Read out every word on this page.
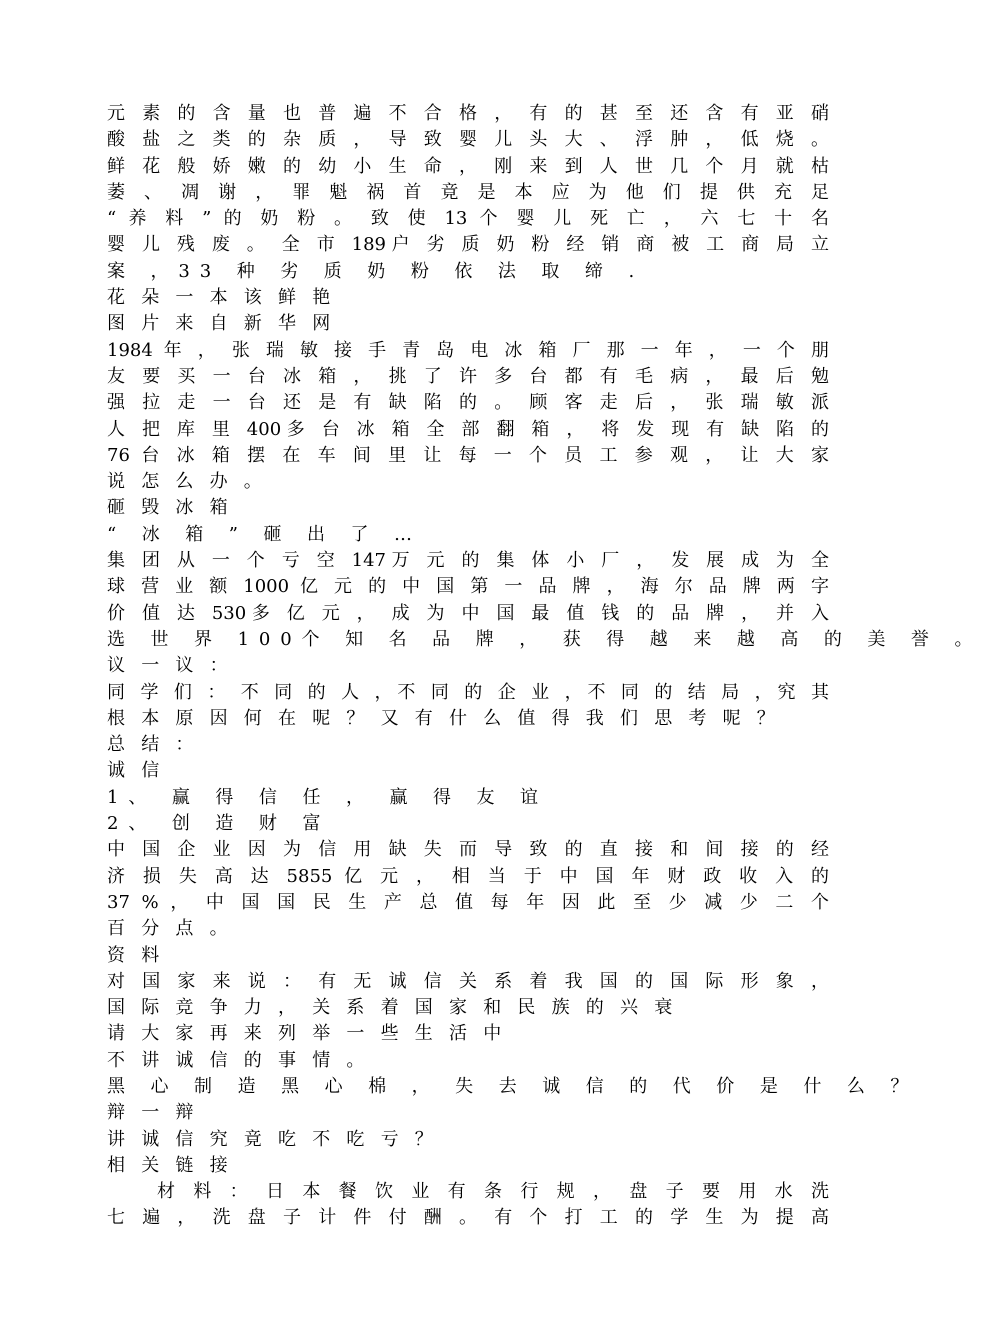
元 素 的 含 量 也 普 遍 不 合 格 ， 有 的 甚 至 还 含 有 亚 硝
酸 盐 之 类 的 杂 质 ， 导 致 婴 儿 头 大 、 浮 肿 ， 低 烧 。
鲜 花 般 娇 嫩 的 幼 小 生 命 ， 刚 来 到 人 世 几 个 月 就 枯
萎 、 凋 谢 ， 罪 魁 祸 首 竟 是 本 应 为 他 们 提 供 充 足
“ 养 料 ” 的 奶 粉 。 致 使 13 个 婴 儿 死 亡 ， 六 七 十 名
婴 儿 残 废 。 全 市 189户 劣 质 奶 粉 经 销 商 被 工 商 局 立
案 ，33 种 劣 质 奶 粉 依 法 取 缔 .
花朵一本该鲜艳
图片来自新华网
1984 年 ， 张 瑞 敏 接 手 青 岛 电 冰 箱 厂 那 一 年 ， 一 个 朋
友 要 买 一 台 冰 箱 ， 挑 了 许 多 台 都 有 毛 病 ， 最 后 勉
强 拉 走 一 台 还 是 有 缺 陷 的 。 顾 客 走 后 ， 张 瑞 敏 派
人 把 库 里 400多 台 冰 箱 全 部 翻 箱 ， 将 发 现 有 缺 陷 的
76 台 冰 箱 摆 在 车 间 里 让 每 一 个 员 工 参 观 ， 让 大 家
说怎么办。
砸毁冰箱
“ 冰 箱 ” 砸 出 了 …
集 团 从 一 个 亏 空 147万 元 的 集 体 小 厂 ， 发 展 成 为 全
球 营 业 额 1000 亿 元 的 中 国 第 一 品 牌 ， 海 尔 品 牌 两 字
价 值 达 530多 亿 元 ， 成 为 中 国 最 值 钱 的 品 牌 ， 并 入
选 世 界 100个 知 名 品 牌 ， 获 得 越 来 越 高 的 美 誉 。
议一议：
同 学 们 ： 不 同 的 人 ，不 同 的 企 业 ，不 同 的 结 局 ，究 其
根本原因何在呢？又有什么值得我们思考呢？
总结：
诚信
1、 赢 得 信 任 ， 赢 得 友 谊
2、 创 造 财 富
中 国 企 业 因 为 信 用 缺 失 而 导 致 的 直 接 和 间 接 的 经
济 损 失 高 达 5855 亿 元 ， 相 当 于 中 国 年 财 政 收 入 的
37 % ， 中 国 国 民 生 产 总 值 每 年 因 此 至 少 减 少 二 个
百分点。
资料
对 国 家 来 说 ： 有 无 诚 信 关 系 着 我 国 的 国 际 形 象 ，
国际竞争力，关系着国家和民族的兴衰
请大家再来列举一些生活中
不讲诚信的事情。
黑 心 制 造 黑 心 棉 ， 失 去 诚 信 的 代 价 是 什 么 ？
辩一辩
讲诚信究竟吃不吃亏？
相关链接
材 料 ： 日 本 餐 饮 业 有 条 行 规 ， 盘 子 要 用 水 洗
七 遍 ， 洗 盘 子 计 件 付 酬 。 有 个 打 工 的 学 生 为 提 高
